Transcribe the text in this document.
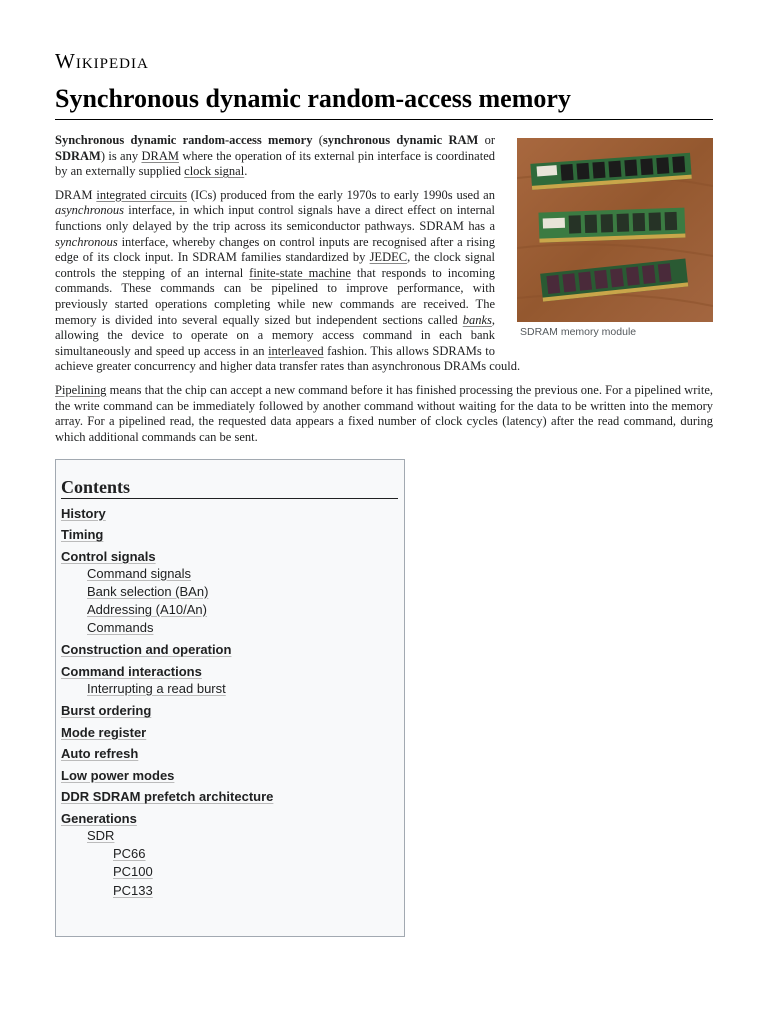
Wikipedia
Synchronous dynamic random-access memory
SDRAM memory module

Synchronous dynamic random-access memory (synchronous dynamic RAM or SDRAM) is any DRAM where the operation of its external pin interface is coordinated by an externally supplied clock signal.

DRAM integrated circuits (ICs) produced from the early 1970s to early 1990s used an asynchronous interface, in which input control signals have a direct effect on internal functions only delayed by the trip across its semiconductor pathways. SDRAM has a synchronous interface, whereby changes on control inputs are recognised after a rising edge of its clock input. In SDRAM families standardized by JEDEC, the clock signal controls the stepping of an internal finite-state machine that responds to incoming commands. These commands can be pipelined to improve performance, with previously started operations completing while new commands are received. The memory is divided into several equally sized but independent sections called banks, allowing the device to operate on a memory access command in each bank simultaneously and speed up access in an interleaved fashion. This allows SDRAMs to achieve greater concurrency and higher data transfer rates than asynchronous DRAMs could.

Pipelining means that the chip can accept a new command before it has finished processing the previous one. For a pipelined write, the write command can be immediately followed by another command without waiting for the data to be written into the memory array. For a pipelined read, the requested data appears a fixed number of clock cycles (latency) after the read command, during which additional commands can be sent.

Contents
History
Timing
Control signals
Command signals
Bank selection (BAn)
Addressing (A10/An)
Commands
Construction and operation
Command interactions
Interrupting a read burst
Burst ordering
Mode register
Auto refresh
Low power modes
DDR SDRAM prefetch architecture
Generations
SDR
PC66
PC100
PC133
